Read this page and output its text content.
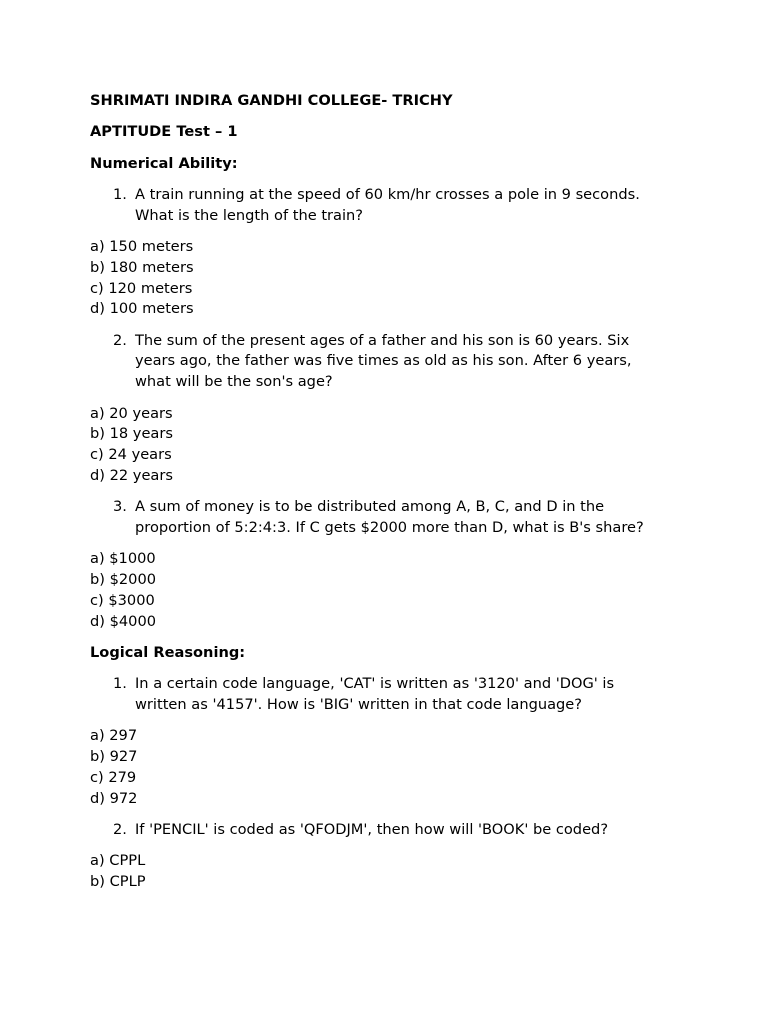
SHRIMATI INDIRA GANDHI COLLEGE- TRICHY

APTITUDE Test – 1

Numerical Ability:

1. A train running at the speed of 60 km/hr crosses a pole in 9 seconds. What is the length of the train?
a) 150 meters
b) 180 meters
c) 120 meters
d) 100 meters
2. The sum of the present ages of a father and his son is 60 years. Six years ago, the father was five times as old as his son. After 6 years, what will be the son's age?
a) 20 years
b) 18 years
c) 24 years
d) 22 years
3. A sum of money is to be distributed among A, B, C, and D in the proportion of 5:2:4:3. If C gets $2000 more than D, what is B's share?
a) $1000
b) $2000
c) $3000
d) $4000

Logical Reasoning:

1. In a certain code language, 'CAT' is written as '3120' and 'DOG' is written as '4157'. How is 'BIG' written in that code language?
a) 297
b) 927
c) 279
d) 972
2. If 'PENCIL' is coded as 'QFODJM', then how will 'BOOK' be coded?
a) CPPL
b) CPLP
